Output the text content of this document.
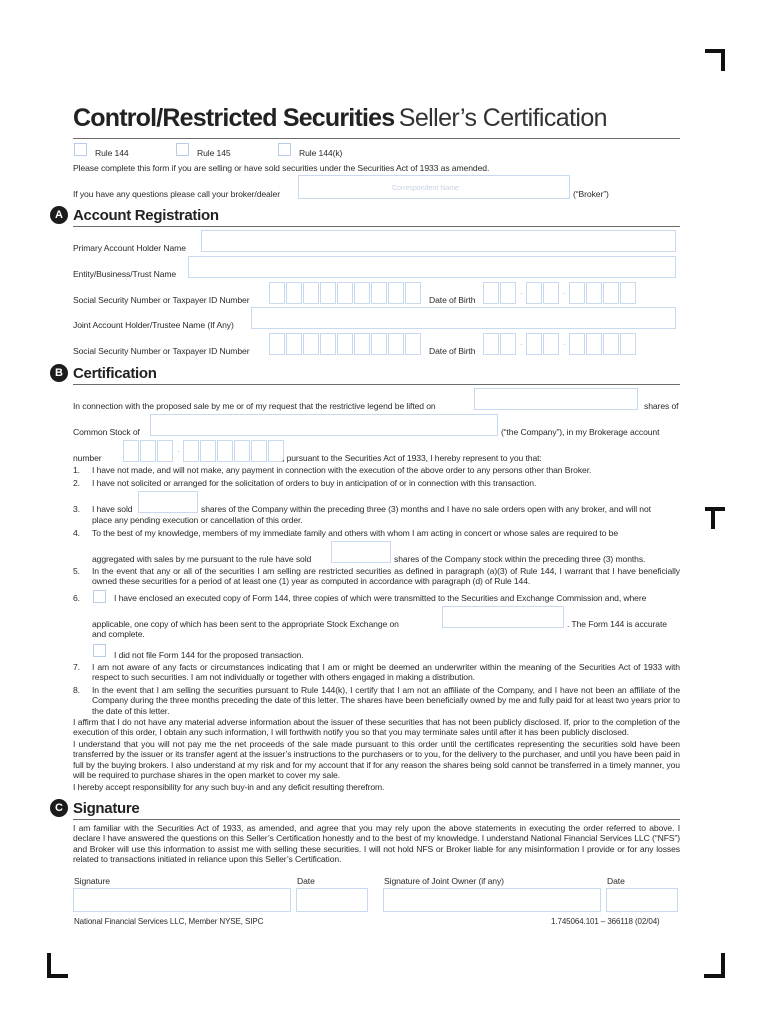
Control/Restricted Securities Seller’s Certification
Rule 144	Rule 145	Rule 144(k)
Please complete this form if you are selling or have sold securities under the Securities Act of 1933 as amended.
If you have any questions please call your broker/dealer
Correspondent Name
(“Broker”)
A Account Registration
Primary Account Holder Name
Entity/Business/Trust Name
Social Security Number or Taxpayer ID Number	Date of Birth
-	-
Joint Account Holder/Trustee Name (If Any)
Social Security Number or Taxpayer ID Number	Date of Birth
-	-
B Certification
In connection with the proposed sale by me or of my request that the restrictive legend be lifted on	shares of
Common Stock of	(“the Company”), in my Brokerage account
number
-
, pursuant to the Securities Act of 1933, I hereby represent to you that:
1. I have not made, and will not make, any payment in connection with the execution of the above order to any persons other than Broker.
2. I have not solicited or arranged for the solicitation of orders to buy in anticipation of or in connection with this transaction.
3. I have sold	shares of the Company within the preceding three (3) months and I have no sale orders open with any broker, and will not
place any pending execution or cancellation of this order.
4. To the best of my knowledge, members of my immediate family and others with whom I am acting in concert or whose sales are required to be
aggregated with sales by me pursuant to the rule have sold	shares of the Company stock within the preceding three (3) months.
5. In the event that any or all of the securities I am selling are restricted securities as defined in paragraph (a)(3) of Rule 144, I warrant that I have beneficially owned these securities for a period of at least one (1) year as computed in accordance with paragraph (d) of Rule 144.
6.	I have enclosed an executed copy of Form 144, three copies of which were transmitted to the Securities and Exchange Commission and, where
applicable, one copy of which has been sent to the appropriate Stock Exchange on	. The Form 144 is accurate
and complete.
I did not file Form 144 for the proposed transaction.
7. I am not aware of any facts or circumstances indicating that I am or might be deemed an underwriter within the meaning of the Securities Act of 1933 with respect to such securities. I am not individually or together with others engaged in making a distribution.
8. In the event that I am selling the securities pursuant to Rule 144(k), I certify that I am not an affiliate of the Company, and I have not been an affiliate of the Company during the three months preceding the date of this letter. The shares have been beneficially owned by me and fully paid for at least two years prior to the date of this letter.
I affirm that I do not have any material adverse information about the issuer of these securities that has not been publicly disclosed. If, prior to the completion of the execution of this order, I obtain any such information, I will forthwith notify you so that you may terminate sales until after it has been publicly disclosed.
I understand that you will not pay me the net proceeds of the sale made pursuant to this order until the certificates representing the securities sold have been transferred by the issuer or its transfer agent at the issuer’s instructions to the purchasers or to you, for the delivery to the purchaser, and until you have been paid in full by the buying brokers. I also understand at my risk and for my account that if for any reason the shares being sold cannot be transferred in a timely manner, you will be required to purchase shares in the open market to cover my sale.
I hereby accept responsibility for any such buy-in and any deficit resulting therefrom.
C Signature
I am familiar with the Securities Act of 1933, as amended, and agree that you may rely upon the above statements in executing the order referred to above. I declare I have answered the questions on this Seller’s Certification honestly and to the best of my knowledge. I understand National Financial Services LLC (“NFS”) and Broker will use this information to assist me with selling these securities. I will not hold NFS or Broker liable for any misinformation I provide or for any losses related to transactions initiated in reliance upon this Seller’s Certification.
Signature	Date	Signature of Joint Owner (if any)	Date
National Financial Services LLC, Member NYSE, SIPC	1.745064.101 – 366118 (02/04)
